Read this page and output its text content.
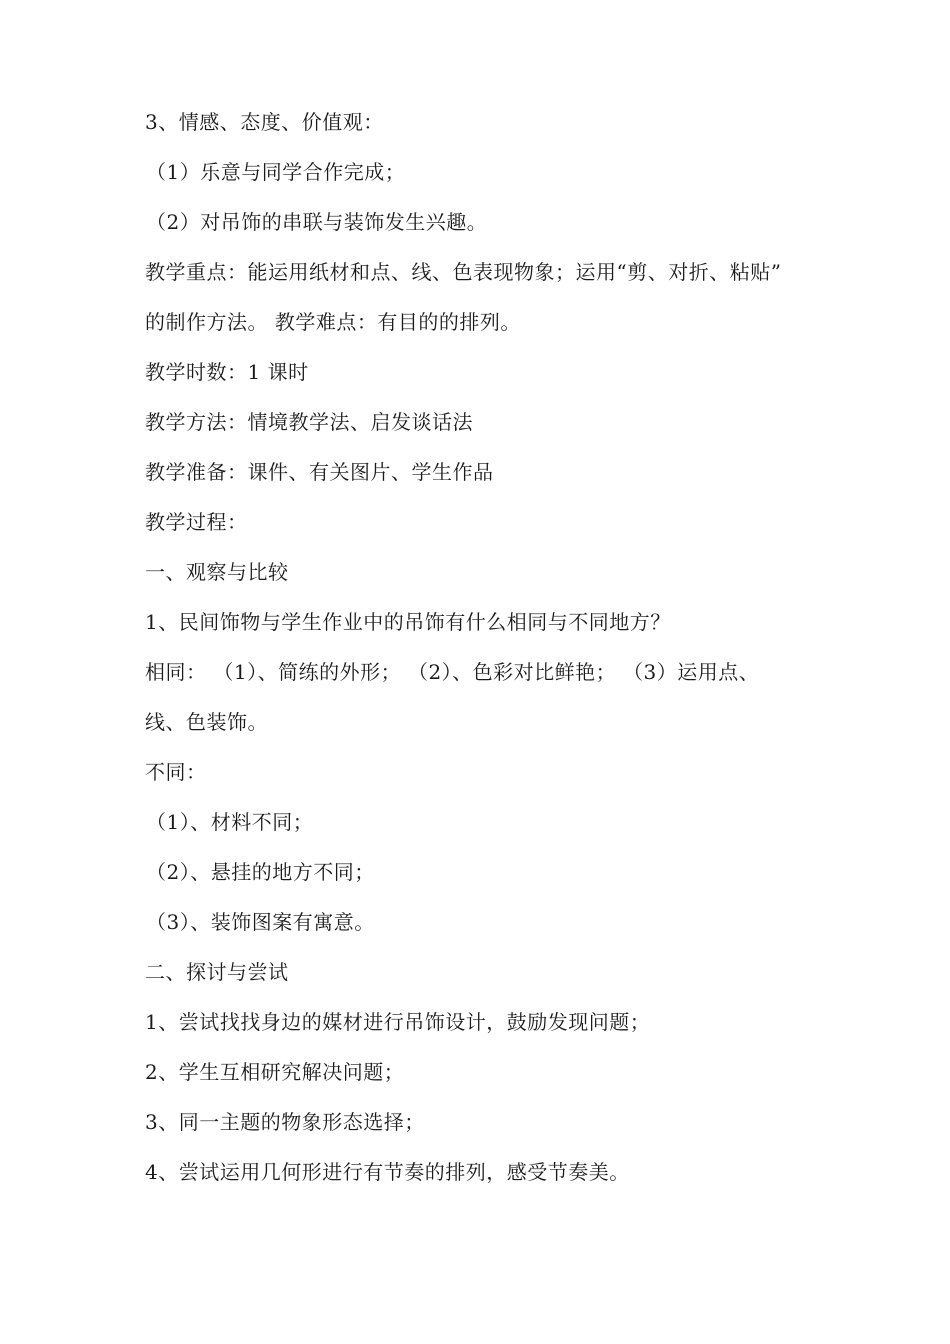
3、情感、态度、价值观：
（1）乐意与同学合作完成；
（2）对吊饰的串联与装饰发生兴趣。
教学重点：能运用纸材和点、线、色表现物象；运用“剪、对折、粘贴”
的制作方法。 教学难点：有目的的排列。
教学时数：1 课时
教学方法：情境教学法、启发谈话法
教学准备：课件、有关图片、学生作品
教学过程：
一、观察与比较
1、民间饰物与学生作业中的吊饰有什么相同与不同地方？
相同： （1）、简练的外形； （2）、色彩对比鲜艳； （3）运用点、
线、色装饰。
不同：
（1）、材料不同；
（2）、悬挂的地方不同；
（3）、装饰图案有寓意。
二、探讨与尝试
1、尝试找找身边的媒材进行吊饰设计，鼓励发现问题；
2、学生互相研究解决问题；
3、同一主题的物象形态选择；
4、尝试运用几何形进行有节奏的排列，感受节奏美。
